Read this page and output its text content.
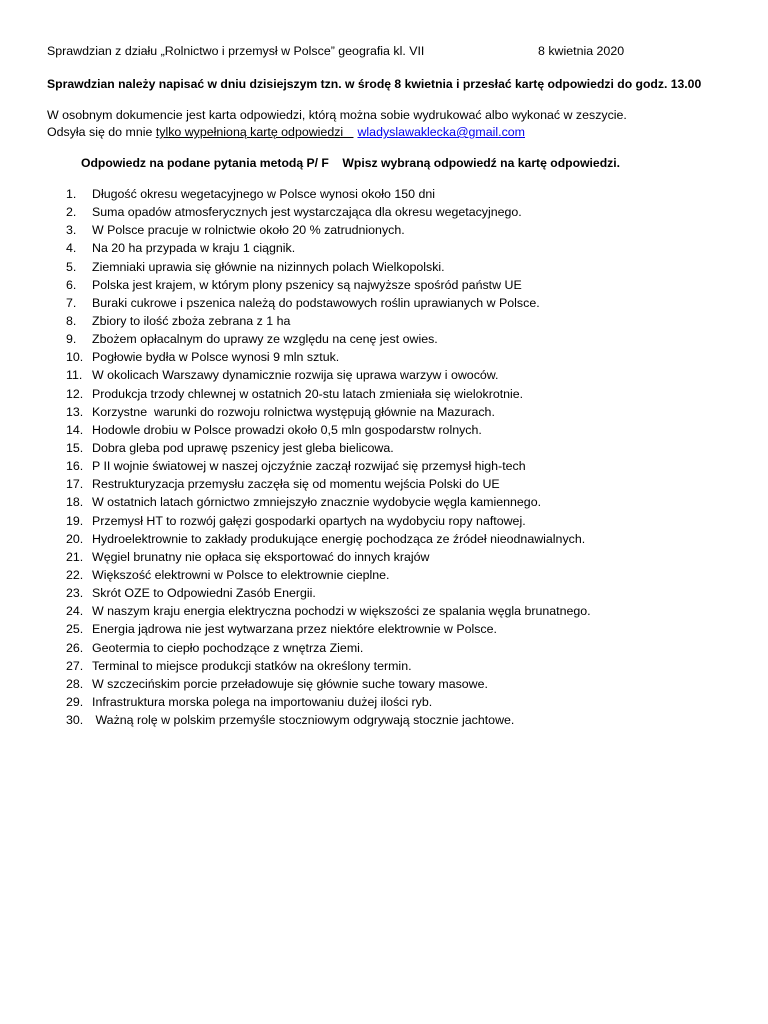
Sprawdzian z działu „Rolnictwo i przemysł w Polsce” geografia kl. VII	8 kwietnia 2020
Sprawdzian należy napisać w dniu dzisiejszym tzn. w środę 8 kwietnia i przesłać kartę odpowiedzi do godz. 13.00
W osobnym dokumencie jest karta odpowiedzi, którą można sobie wydrukować albo wykonać w zeszycie.
Odsyła się do mnie tylko wypełnioną kartę odpowiedzi   wladyslawaklecka@gmail.com
Odpowiedz na podane pytania metodą P/ F    Wpisz wybraną odpowiedź na kartę odpowiedzi.
1.	Długość okresu wegetacyjnego w Polsce wynosi około 150 dni
2.	Suma opadów atmosferycznych jest wystarczająca dla okresu wegetacyjnego.
3.	W Polsce pracuje w rolnictwie około 20 % zatrudnionych.
4.	Na 20 ha przypada w kraju 1 ciągnik.
5.	Ziemniaki uprawia się głównie na nizinnych polach Wielkopolski.
6.	Polska jest krajem, w którym plony pszenicy są najwyższe spośród państw UE
7.	Buraki cukrowe i pszenica należą do podstawowych roślin uprawianych w Polsce.
8.	Zbiory to ilość zboża zebrana z 1 ha
9.	Zbożem opłacalnym do uprawy ze względu na cenę jest owies.
10. Pogłowie bydła w Polsce wynosi 9 mln sztuk.
11. W okolicach Warszawy dynamicznie rozwija się uprawa warzyw i owoców.
12. Produkcja trzody chlewnej w ostatnich 20-stu latach zmieniała się wielokrotnie.
13. Korzystne  warunki do rozwoju rolnictwa występują głównie na Mazurach.
14. Hodowle drobiu w Polsce prowadzi około 0,5 mln gospodarstw rolnych.
15. Dobra gleba pod uprawę pszenicy jest gleba bielicowa.
16. P II wojnie światowej w naszej ojczyźnie zaczął rozwijać się przemysł high-tech
17. Restrukturyzacja przemysłu zaczęła się od momentu wejścia Polski do UE
18. W ostatnich latach górnictwo zmniejszyło znacznie wydobycie węgla kamiennego.
19. Przemysł HT to rozwój gałęzi gospodarki opartych na wydobyciu ropy naftowej.
20. Hydroelektrownie to zakłady produkujące energię pochodząca ze źródeł nieodnawialnych.
21. Węgiel brunatny nie opłaca się eksportować do innych krajów
22. Większość elektrowni w Polsce to elektrownie cieplne.
23. Skrót OZE to Odpowiedni Zasób Energii.
24. W naszym kraju energia elektryczna pochodzi w większości ze spalania węgla brunatnego.
25. Energia jądrowa nie jest wytwarzana przez niektóre elektrownie w Polsce.
26. Geotermia to ciepło pochodzące z wnętrza Ziemi.
27. Terminal to miejsce produkcji statków na określony termin.
28. W szczecińskim porcie przeładowuje się głównie suche towary masowe.
29. Infrastruktura morska polega na importowaniu dużej ilości ryb.
30. Ważną rolę w polskim przemyśle stoczniowym odgrywają stocznie jachtowe.
